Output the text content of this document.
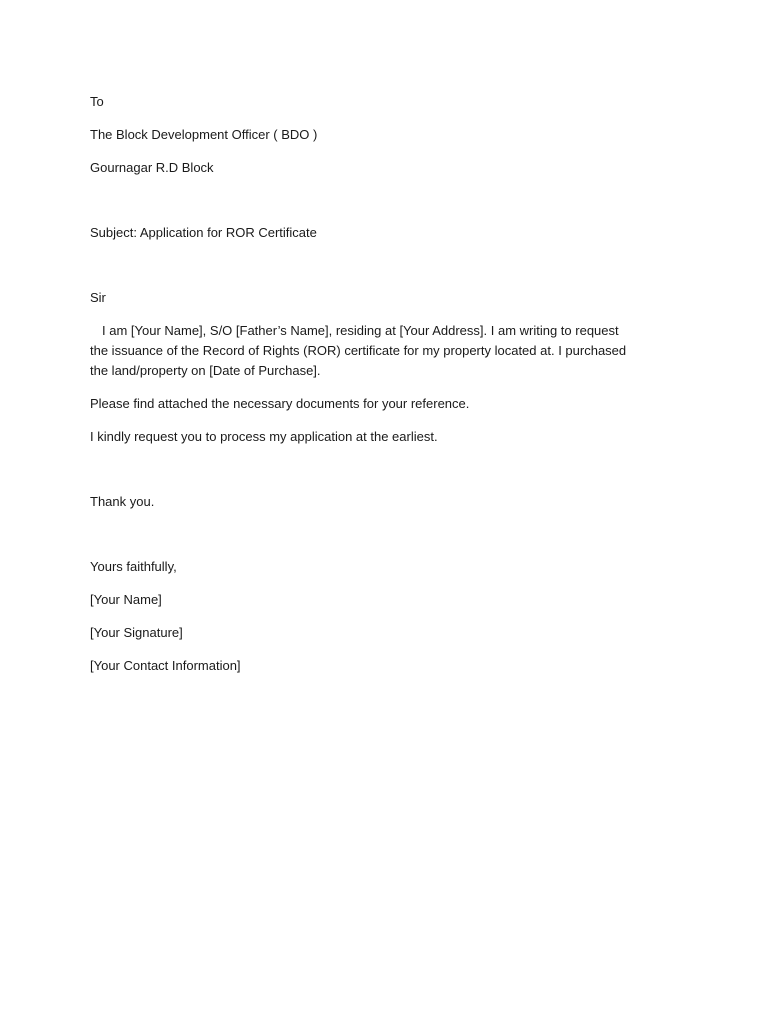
To

The Block Development Officer ( BDO )

Gournagar R.D Block

Subject: Application for ROR Certificate

Sir

I am [Your Name], S/O [Father’s Name], residing at [Your Address]. I am writing to request the issuance of the Record of Rights (ROR) certificate for my property located at. I purchased the land/property on [Date of Purchase].

Please find attached the necessary documents for your reference.

I kindly request you to process my application at the earliest.

Thank you.

Yours faithfully,

[Your Name]

[Your Signature]

[Your Contact Information]
